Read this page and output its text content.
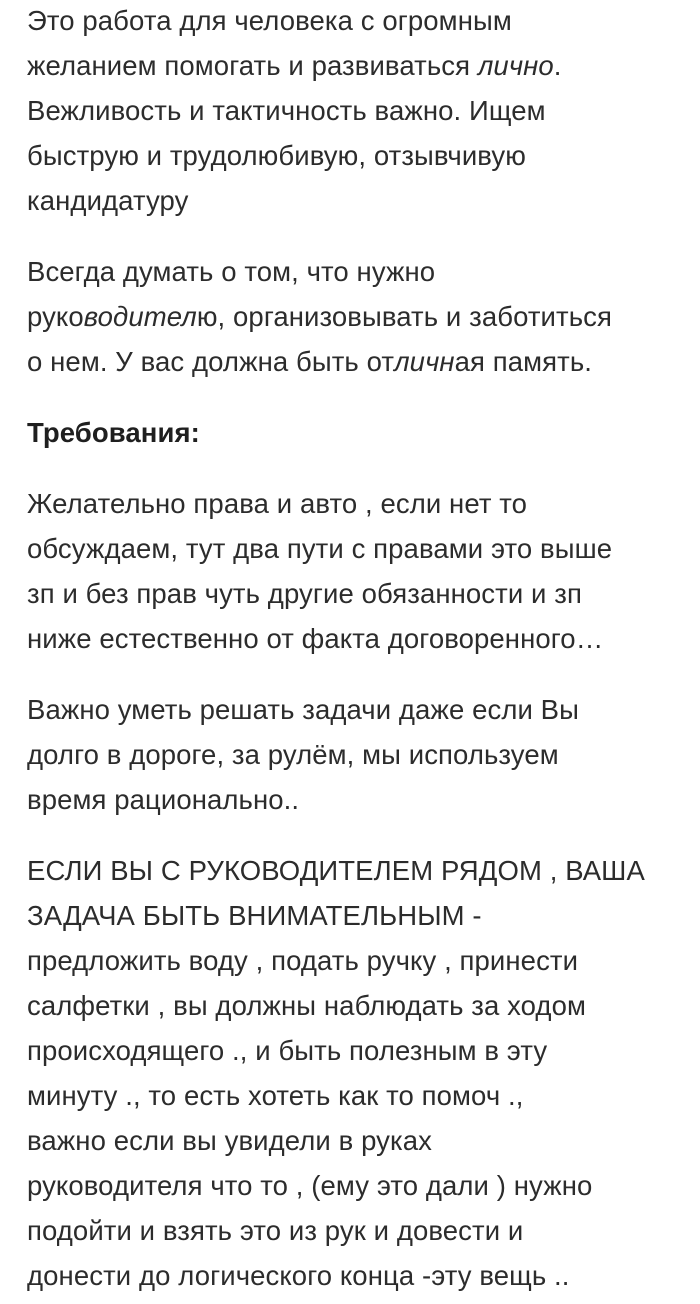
Это работа для человека с огромным
желанием помогать и развиваться лично.
Вежливость и тактичность важно. Ищем
быструю и трудолюбивую, отзывчивую
кандидатуру
Всегда думать о том, что нужно
руководителю, организовывать и заботиться
о нем. У вас должна быть отличная память.
Требования:
Желательно права и авто , если нет то
обсуждаем, тут два пути с правами это выше
зп и без прав чуть другие обязанности и зп
ниже естественно от факта договоренного…
Важно уметь решать задачи даже если Вы
долго в дороге, за рулём, мы используем
время рационально..
ЕСЛИ ВЫ С РУКОВОДИТЕЛЕМ РЯДОМ , ВАША
ЗАДАЧА БЫТЬ ВНИМАТЕЛЬНЫМ -
предложить воду , подать ручку , принести
салфетки , вы должны наблюдать за ходом
происходящего ., и быть полезным в эту
минуту ., то есть хотеть как то помоч .,
важно если вы увидели в руках
руководителя что то , (ему это дали ) нужно
подойти и взять это из рук и довести и
донести до логического конца -эту вещь ..
